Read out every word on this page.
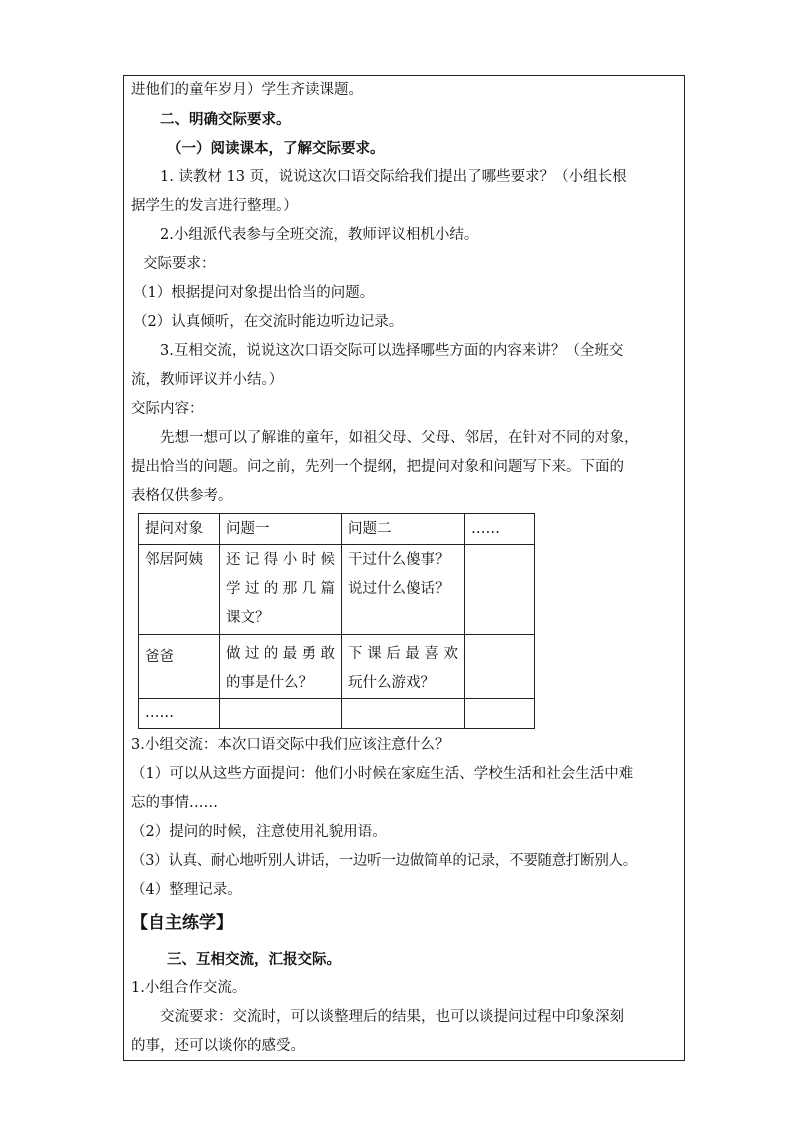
进他们的童年岁月）学生齐读课题。

二、明确交际要求。

（一）阅读课本，了解交际要求。

1. 读教材 13 页，说说这次口语交际给我们提出了哪些要求？（小组长根

据学生的发言进行整理。）

2.小组派代表参与全班交流，教师评议相机小结。

交际要求：

（1）根据提问对象提出恰当的问题。

（2）认真倾听，在交流时能边听边记录。

3.互相交流，说说这次口语交际可以选择哪些方面的内容来讲？（全班交

流，教师评议并小结。）

交际内容：

先想一想可以了解谁的童年，如祖父母、父母、邻居，在针对不同的对象，

提出恰当的问题。问之前，先列一个提纲，把提问对象和问题写下来。下面的

表格仅供参考。

提问对象	问题一	问题二	……
邻居阿姨	还记得小时候
学过的那几篇
课文？	干过什么傻事？
说过什么傻话？	

爸爸	做过的最勇敢
的事是什么？	下课后最喜欢
玩什么游戏？	

……			

3.小组交流：本次口语交际中我们应该注意什么？

（1）可以从这些方面提问：他们小时候在家庭生活、学校生活和社会生活中难

忘的事情……

（2）提问的时候，注意使用礼貌用语。

（3）认真、耐心地听别人讲话，一边听一边做简单的记录，不要随意打断别人。

（4）整理记录。

【自主练学】

三、互相交流，汇报交际。

1.小组合作交流。

交流要求：交流时，可以谈整理后的结果，也可以谈提问过程中印象深刻

的事，还可以谈你的感受。
